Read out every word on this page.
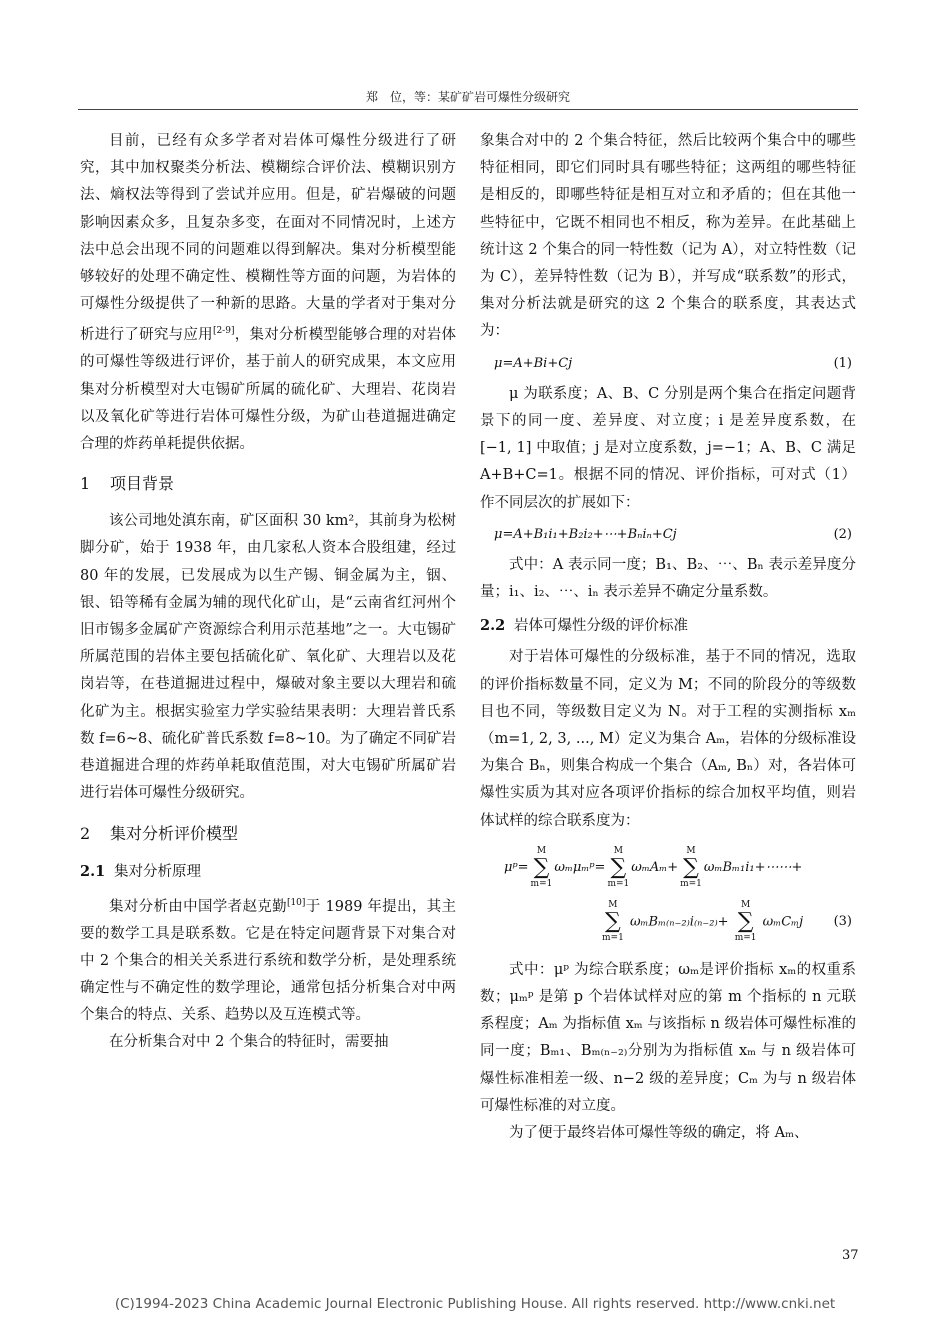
郑　位，等：某矿矿岩可爆性分级研究

目前，已经有众多学者对岩体可爆性分级进行了研究，其中加权聚类分析法、模糊综合评价法、模糊识别方法、熵权法等得到了尝试并应用。但是，矿岩爆破的问题影响因素众多，且复杂多变，在面对不同情况时，上述方法中总会出现不同的问题难以得到解决。集对分析模型能够较好的处理不确定性、模糊性等方面的问题，为岩体的可爆性分级提供了一种新的思路。大量的学者对于集对分析进行了研究与应用[2-9]，集对分析模型能够合理的对岩体的可爆性等级进行评价，基于前人的研究成果，本文应用集对分析模型对大屯锡矿所属的硫化矿、大理岩、花岗岩以及氧化矿等进行岩体可爆性分级，为矿山巷道掘进确定合理的炸药单耗提供依据。

1 项目背景

该公司地处滇东南，矿区面积 30 km²，其前身为松树脚分矿，始于 1938 年，由几家私人资本合股组建，经过 80 年的发展，已发展成为以生产锡、铜金属为主，铟、银、铅等稀有金属为辅的现代化矿山，是“云南省红河州个旧市锡多金属矿产资源综合利用示范基地”之一。大屯锡矿所属范围的岩体主要包括硫化矿、氧化矿、大理岩以及花岗岩等，在巷道掘进过程中，爆破对象主要以大理岩和硫化矿为主。根据实验室力学实验结果表明：大理岩普氏系数 f=6~8、硫化矿普氏系数 f=8~10。为了确定不同矿岩巷道掘进合理的炸药单耗取值范围，对大屯锡矿所属矿岩进行岩体可爆性分级研究。

2 集对分析评价模型
2.1 集对分析原理

集对分析由中国学者赵克勤[10]于 1989 年提出，其主要的数学工具是联系数。它是在特定问题背景下对集合对中 2 个集合的相关关系进行系统和数学分析，是处理系统确定性与不确定性的数学理论，通常包括分析集合对中两个集合的特点、关系、趋势以及互连模式等。

在分析集合对中 2 个集合的特征时，需要抽

象集合对中的 2 个集合特征，然后比较两个集合中的哪些特征相同，即它们同时具有哪些特征；这两组的哪些特征是相反的，即哪些特征是相互对立和矛盾的；但在其他一些特征中，它既不相同也不相反，称为差异。在此基础上统计这 2 个集合的同一特性数（记为 A），对立特性数（记为 C），差异特性数（记为 B），并写成“联系数”的形式，集对分析法就是研究的这 2 个集合的联系度，其表达式为：

μ=A+Bi+Cj	(1)

μ 为联系度；A、B、C 分别是两个集合在指定问题背景下的同一度、差异度、对立度；i 是差异度系数，在 [−1, 1] 中取值；j 是对立度系数，j=−1；A、B、C 满足A+B+C=1。根据不同的情况、评价指标，可对式（1）作不同层次的扩展如下：

μ=A+B₁i₁+B₂i₂+⋯+Bₙiₙ+Cj	(2)

式中：A 表示同一度；B₁、B₂、⋯、Bₙ 表示差异度分量；i₁、i₂、⋯、iₙ 表示差异不确定分量系数。

2.2 岩体可爆性分级的评价标准

对于岩体可爆性的分级标准，基于不同的情况，选取的评价指标数量不同，定义为 M；不同的阶段分的等级数目也不同，等级数目定义为 N。对于工程的实测指标 xₘ（m=1, 2, 3, ..., M）定义为集合 Aₘ，岩体的分级标准设为集合 Bₙ，则集合构成一个集合（Aₘ, Bₙ）对，各岩体可爆性实质为其对应各项评价指标的综合加权平均值，则岩体试样的综合联系度为：

μᵖ=
M
∑
m=1
ωₘμₘᵖ=
M
∑
m=1
ωₘAₘ+
M
∑
m=1
ωₘBₘ₁i₁+⋯⋯+
M
∑
m=1
ωₘBₘ₍ₙ₋₂₎i₍ₙ₋₂₎+
M
∑
m=1
ωₘCₘj (3)

式中：μᵖ 为综合联系度；ωₘ是评价指标 xₘ的权重系数；μₘᵖ 是第 p 个岩体试样对应的第 m 个指标的 n 元联系程度；Aₘ 为指标值 xₘ 与该指标 n 级岩体可爆性标准的同一度；Bₘ₁、Bₘ₍ₙ₋₂₎分别为为指标值 xₘ 与 n 级岩体可爆性标准相差一级、n−2 级的差异度；Cₘ 为与 n 级岩体可爆性标准的对立度。

为了便于最终岩体可爆性等级的确定，将 Aₘ、

37
(C)1994-2023 China Academic Journal Electronic Publishing House. All rights reserved. http://www.cnki.net
